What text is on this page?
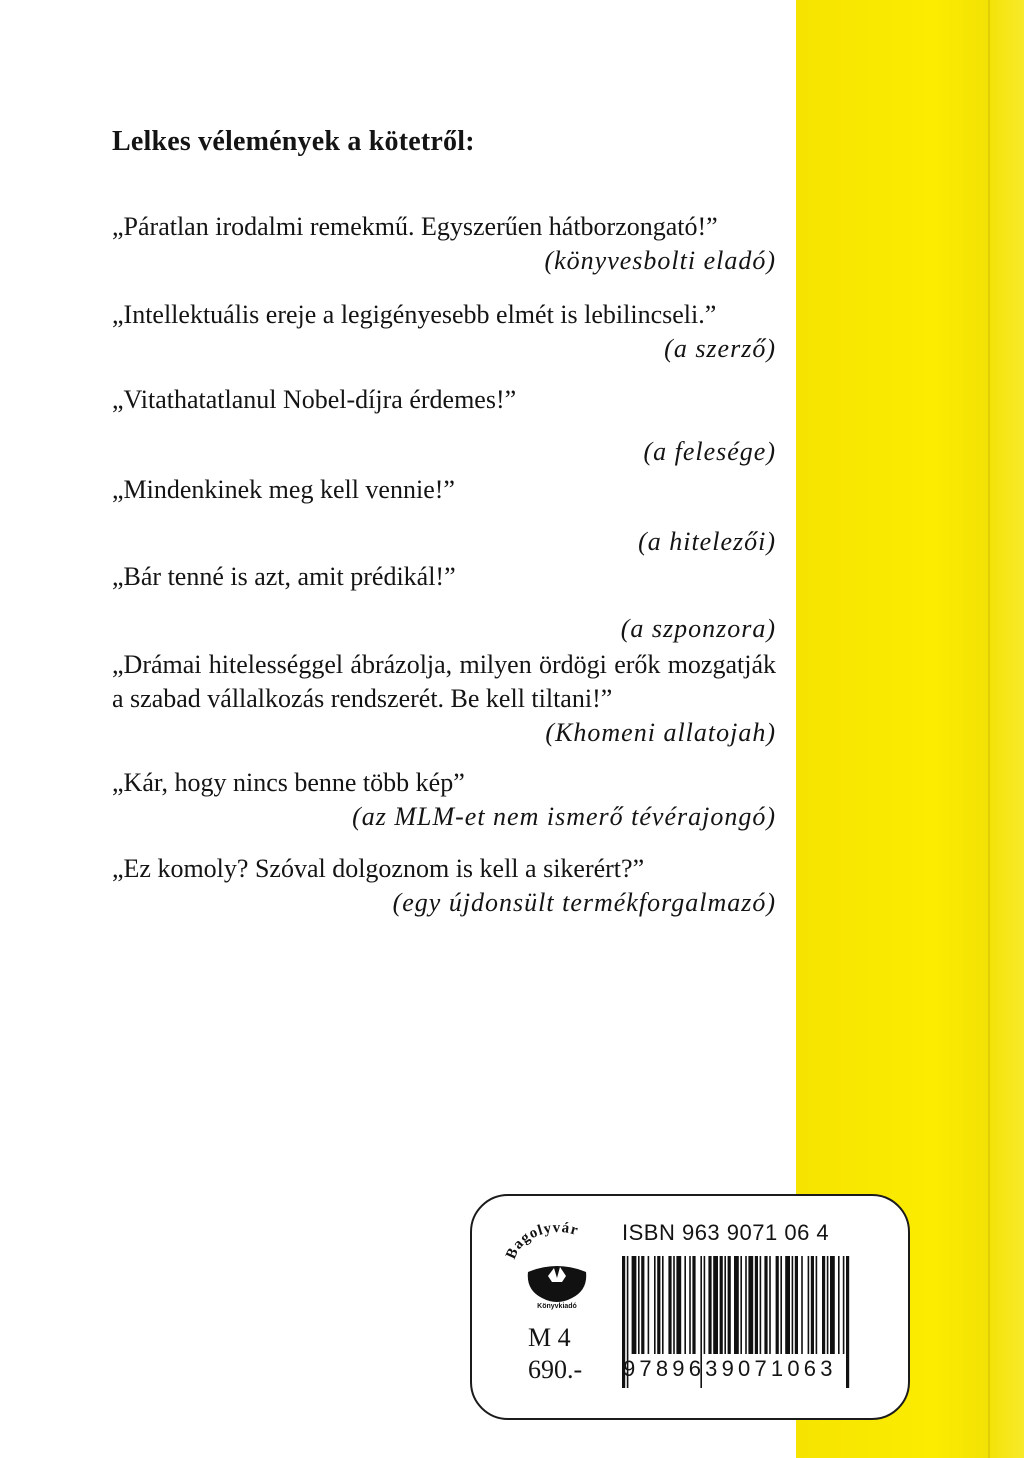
Lelkes vélemények a kötetről:

„Páratlan irodalmi remekmű. Egyszerűen hátborzongató!”

(könyvesbolti eladó)

„Intellektuális ereje a legigényesebb elmét is lebilincseli.”

(a szerző)

„Vitathatatlanul Nobel-díjra érdemes!”

(a felesége)

„Mindenkinek meg kell vennie!”

(a hitelezői)

„Bár tenné is azt, amit prédikál!”

(a szponzora)

„Drámai hitelességgel ábrázolja, milyen ördögi erők mozgatják a szabad vállalkozás rendszerét. Be kell tiltani!”

(Khomeni allatojah)

„Kár, hogy nincs benne több kép”

(az MLM-et nem ismerő tévérajongó)

„Ez komoly? Szóval dolgoznom is kell a sikerért?”

(egy újdonsült termékforgalmazó)

Bagolyvár
Könyvkiadó
M 4
690.-
ISBN 963 9071 06 4
9789639071063
